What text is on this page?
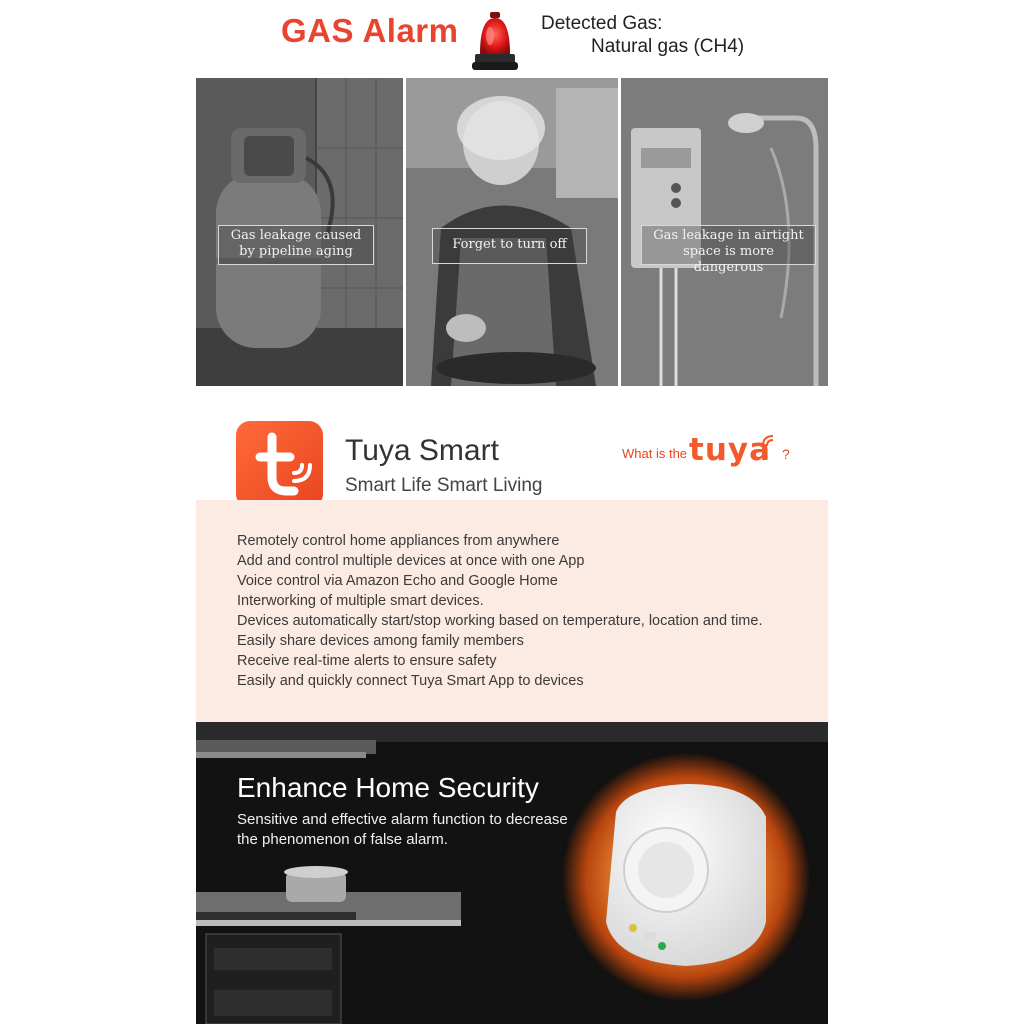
GAS Alarm	Detected Gas:
Natural gas (CH4)
Gas leakage caused
by pipeline aging	Forget to turn off
Gas leakage in airtight
space is more dangerous
Tuya Smart
Smart Life Smart Living
What is the tuya ?
Remotely control home appliances from anywhere
Add and control multiple devices at once with one App
Voice control via Amazon Echo and Google Home
Interworking of multiple smart devices.
Devices automatically start/stop working based on temperature, location and time.
Easily share devices among family members
Receive real-time alerts to ensure safety
Easily and quickly connect Tuya Smart App to devices
Enhance Home Security
Sensitive and effective alarm function to decrease the phenomenon of false alarm.
